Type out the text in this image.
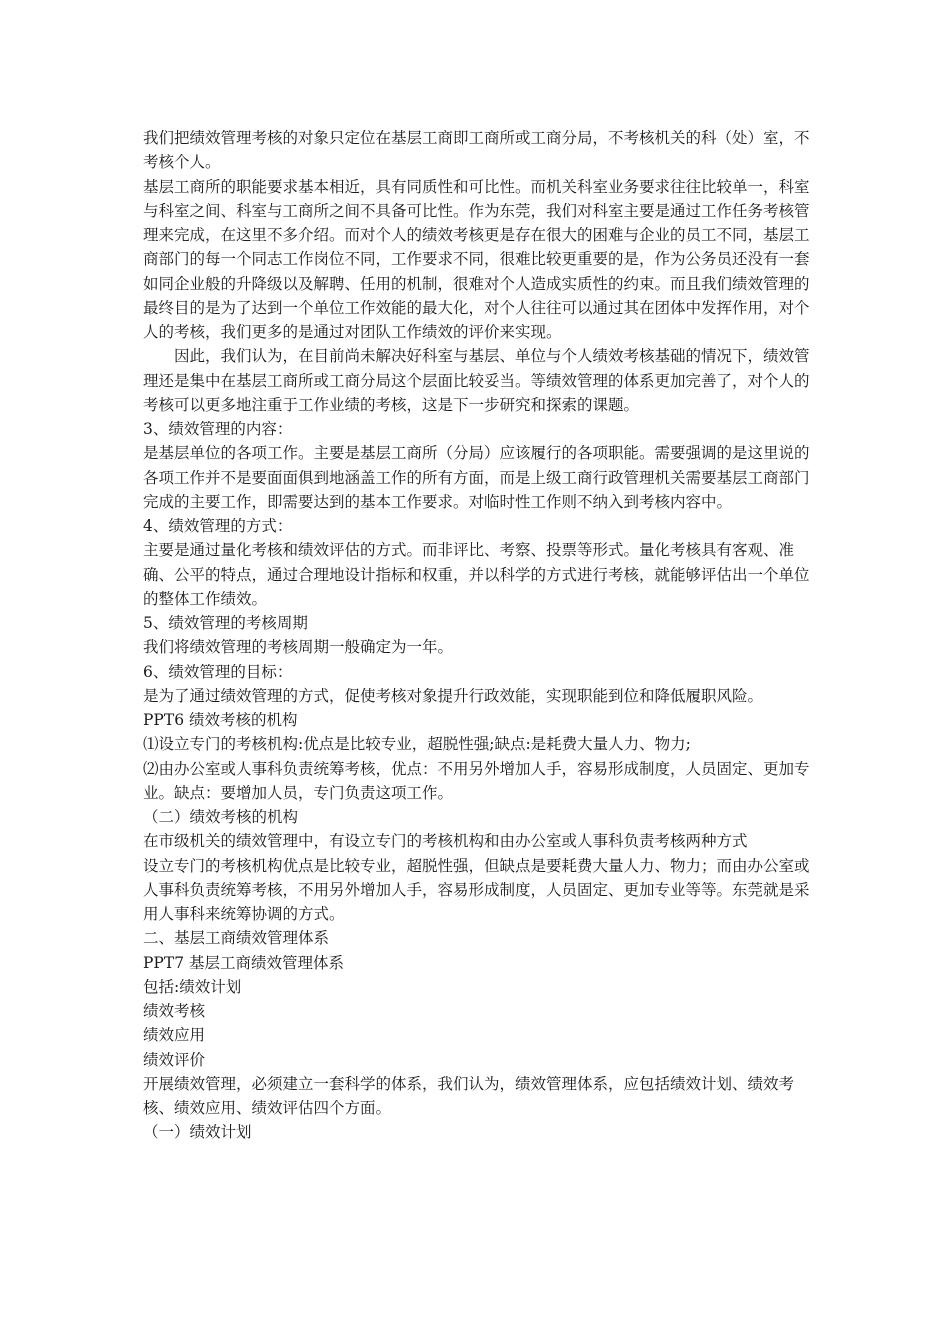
我们把绩效管理考核的对象只定位在基层工商即工商所或工商分局，不考核机关的科（处）室，不考核个人。

基层工商所的职能要求基本相近，具有同质性和可比性。而机关科室业务要求往往比较单一，科室与科室之间、科室与工商所之间不具备可比性。作为东莞，我们对科室主要是通过工作任务考核管理来完成，在这里不多介绍。而对个人的绩效考核更是存在很大的困难与企业的员工不同，基层工商部门的每一个同志工作岗位不同，工作要求不同，很难比较更重要的是，作为公务员还没有一套如同企业般的升降级以及解聘、任用的机制，很难对个人造成实质性的约束。而且我们绩效管理的最终目的是为了达到一个单位工作效能的最大化，对个人往往可以通过其在团体中发挥作用，对个人的考核，我们更多的是通过对团队工作绩效的评价来实现。

因此，我们认为，在目前尚未解决好科室与基层、单位与个人绩效考核基础的情况下，绩效管理还是集中在基层工商所或工商分局这个层面比较妥当。等绩效管理的体系更加完善了，对个人的考核可以更多地注重于工作业绩的考核，这是下一步研究和探索的课题。

3、绩效管理的内容：

是基层单位的各项工作。主要是基层工商所（分局）应该履行的各项职能。需要强调的是这里说的各项工作并不是要面面俱到地涵盖工作的所有方面，而是上级工商行政管理机关需要基层工商部门完成的主要工作，即需要达到的基本工作要求。对临时性工作则不纳入到考核内容中。

4、绩效管理的方式：

主要是通过量化考核和绩效评估的方式。而非评比、考察、投票等形式。量化考核具有客观、准确、公平的特点，通过合理地设计指标和权重，并以科学的方式进行考核，就能够评估出一个单位的整体工作绩效。

5、绩效管理的考核周期

我们将绩效管理的考核周期一般确定为一年。

6、绩效管理的目标：

是为了通过绩效管理的方式，促使考核对象提升行政效能，实现职能到位和降低履职风险。

PPT6 绩效考核的机构

⑴设立专门的考核机构:优点是比较专业，超脱性强;缺点:是耗费大量人力、物力;

⑵由办公室或人事科负责统筹考核，优点：不用另外增加人手，容易形成制度，人员固定、更加专业。缺点：要增加人员，专门负责这项工作。

（二）绩效考核的机构

在市级机关的绩效管理中，有设立专门的考核机构和由办公室或人事科负责考核两种方式

设立专门的考核机构优点是比较专业，超脱性强，但缺点是要耗费大量人力、物力；而由办公室或人事科负责统筹考核，不用另外增加人手，容易形成制度，人员固定、更加专业等等。东莞就是采用人事科来统筹协调的方式。

二、基层工商绩效管理体系

PPT7 基层工商绩效管理体系

包括:绩效计划

绩效考核

绩效应用

绩效评价

开展绩效管理，必须建立一套科学的体系，我们认为，绩效管理体系，应包括绩效计划、绩效考核、绩效应用、绩效评估四个方面。

（一）绩效计划
